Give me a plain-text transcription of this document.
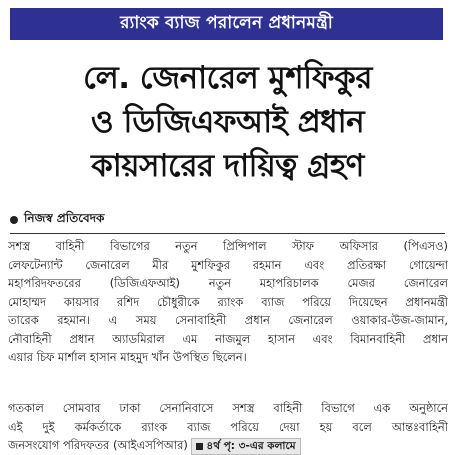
র‍্যাংক ব্যাজ পরালেন প্রধানমন্ত্রী
লে. জেনারেল মুশফিকুর
ও ডিজিএফআই প্রধান
কায়সারের দায়িত্ব গ্রহণ
নিজস্ব প্রতিবেদক
সশস্ত্র বাহিনী বিভাগের নতুন প্রিন্সিপাল স্টাফ অফিসার (পিএসও)
লেফটেন্যান্ট জেনারেল মীর মুশফিকুর রহমান এবং প্রতিরক্ষা গোয়েন্দা
মহাপরিদফতরের (ডিজিএফআই) নতুন মহাপরিচালক মেজর জেনারেল
মোহাম্মদ কায়সার রশিদ চৌধুরীকে র‍্যাংক ব্যাজ পরিয়ে দিয়েছেন প্রধানমন্ত্রী
তারেক রহমান। এ সময় সেনাবাহিনী প্রধান জেনারেল ওয়াকার-উজ-জামান,
নৌবাহিনী প্রধান অ্যাডমিরাল এম নাজমুল হাসান এবং বিমানবাহিনী প্রধান
এয়ার চিফ মার্শাল হাসান মাহমুদ খাঁন উপস্থিত ছিলেন।
গতকাল সোমবার ঢাকা সেনানিবাসে সশস্ত্র বাহিনী বিভাগে এক অনুষ্ঠানে
এই দুই কর্মকর্তাকে র‍্যাংক ব্যাজ পরিয়ে দেয়া হয় বলে আন্তঃবাহিনী
জনসংযোগ পরিদফতর (আইএসপিআর) ৪র্থ পৃ: ৩-এর কলামে
